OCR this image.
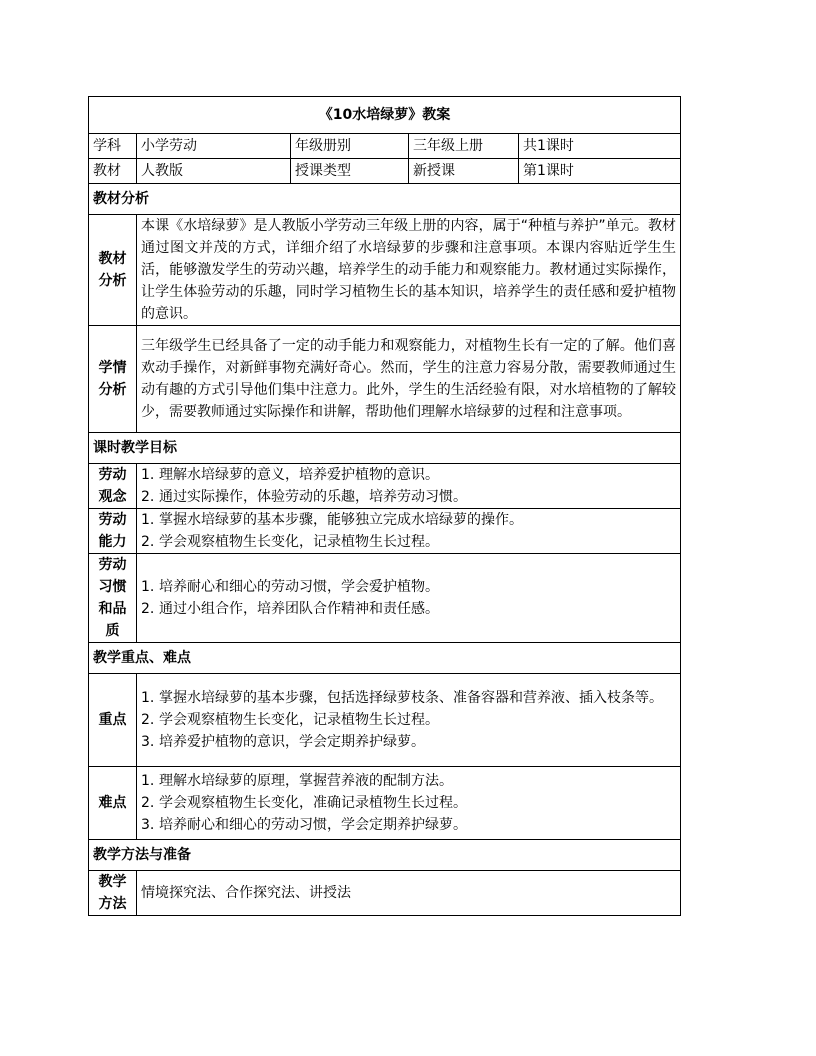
《10水培绿萝》教案				
学科	小学劳动	年级册别	三年级上册	共1课时
教材	人教版	授课类型	新授课	第1课时
教材分析				
教材分析	本课《水培绿萝》是人教版小学劳动三年级上册的内容，属于“种植与养护”单元。教材通过图文并茂的方式，详细介绍了水培绿萝的步骤和注意事项。本课内容贴近学生生活，能够激发学生的劳动兴趣，培养学生的动手能力和观察能力。教材通过实际操作，让学生体验劳动的乐趣，同时学习植物生长的基本知识，培养学生的责任感和爱护植物的意识。			
学情分析	三年级学生已经具备了一定的动手能力和观察能力，对植物生长有一定的了解。他们喜欢动手操作，对新鲜事物充满好奇心。然而，学生的注意力容易分散，需要教师通过生动有趣的方式引导他们集中注意力。此外，学生的生活经验有限，对水培植物的了解较少，需要教师通过实际操作和讲解，帮助他们理解水培绿萝的过程和注意事项。			
课时教学目标				
劳动观念	1. 理解水培绿萝的意义，培养爱护植物的意识。
2. 通过实际操作，体验劳动的乐趣，培养劳动习惯。			

劳动能力	1. 掌握水培绿萝的基本步骤，能够独立完成水培绿萝的操作。
2. 学会观察植物生长变化，记录植物生长过程。			

劳动习惯和品质	1. 培养耐心和细心的劳动习惯，学会爱护植物。
2. 通过小组合作，培养团队合作精神和责任感。			

教学重点、难点				
重点	1. 掌握水培绿萝的基本步骤，包括选择绿萝枝条、准备容器和营养液、插入枝条等。
2. 学会观察植物生长变化，记录植物生长过程。
3. 培养爱护植物的意识，学会定期养护绿萝。			

难点	1. 理解水培绿萝的原理，掌握营养液的配制方法。
2. 学会观察植物生长变化，准确记录植物生长过程。
3. 培养耐心和细心的劳动习惯，学会定期养护绿萝。			

教学方法与准备				
教学方法	情境探究法、合作探究法、讲授法			
